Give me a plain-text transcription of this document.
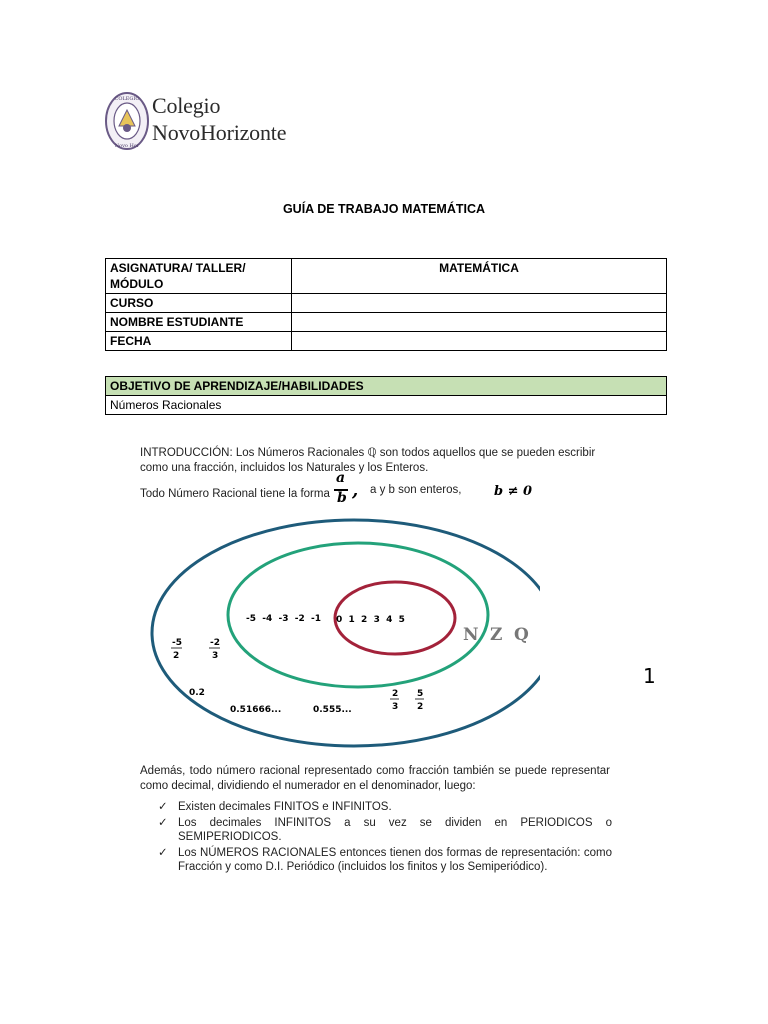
COLEGIO
Novo Hor
Colegio
NovoHorizonte
GUÍA DE TRABAJO MATEMÁTICA
ASIGNATURA/ TALLER/ MÓDULO	MATEMÁTICA
CURSO	
NOMBRE ESTUDIANTE	
FECHA	
OBJETIVO DE APRENDIZAJE/HABILIDADES
Números Racionales
INTRODUCCIÓN: Los Números Racionales ℚ son todos aquellos que se pueden escribir como una fracción, incluidos los Naturales y los Enteros.
Todo Número Racional tiene la forma
a
b , a y b son enteros,	b ≠ 0
0  1  2  3  4  5
-5  -4  -3  -2  -1
N Z Q
-5
2
-2
3
2
3
5
2
0.2
0.51666...	0.555...
1
Además, todo número racional representado como fracción también se puede representar como decimal, dividiendo el numerador en el denominador, luego:
✓ Existen decimales FINITOS e INFINITOS.
✓ Los decimales INFINITOS a su vez se dividen en PERIODICOS o SEMIPERIODICOS.
✓ Los NÚMEROS RACIONALES entonces tienen dos formas de representación: como Fracción y como D.I. Periódico (incluidos los finitos y los Semiperiódico).
